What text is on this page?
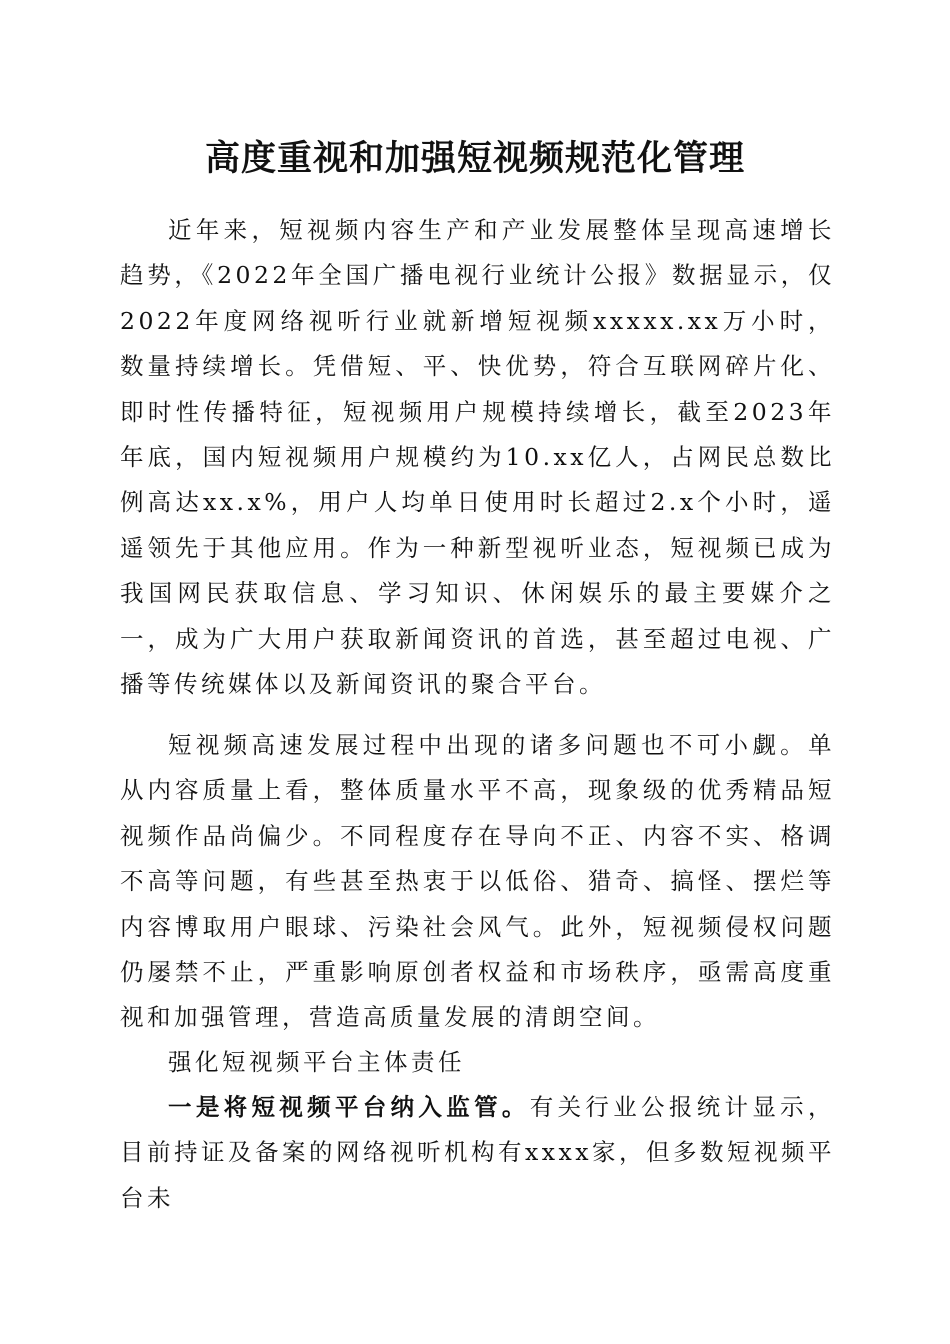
高度重视和加强短视频规范化管理

近年来，短视频内容生产和产业发展整体呈现高速增长趋势，《2022年全国广播电视行业统计公报》数据显示，仅2022年度网络视听行业就新增短视频xxxxx.xx万小时，数量持续增长。凭借短、平、快优势，符合互联网碎片化、即时性传播特征，短视频用户规模持续增长，截至2023年年底，国内短视频用户规模约为10.xx亿人，占网民总数比例高达xx.x%，用户人均单日使用时长超过2.x个小时，遥遥领先于其他应用。作为一种新型视听业态，短视频已成为我国网民获取信息、学习知识、休闲娱乐的最主要媒介之一，成为广大用户获取新闻资讯的首选，甚至超过电视、广播等传统媒体以及新闻资讯的聚合平台。

短视频高速发展过程中出现的诸多问题也不可小觑。单从内容质量上看，整体质量水平不高，现象级的优秀精品短视频作品尚偏少。不同程度存在导向不正、内容不实、格调不高等问题，有些甚至热衷于以低俗、猎奇、搞怪、摆烂等内容博取用户眼球、污染社会风气。此外，短视频侵权问题仍屡禁不止，严重影响原创者权益和市场秩序，亟需高度重视和加强管理，营造高质量发展的清朗空间。

强化短视频平台主体责任

一是将短视频平台纳入监管。有关行业公报统计显示，目前持证及备案的网络视听机构有xxxx家，但多数短视频平台未
